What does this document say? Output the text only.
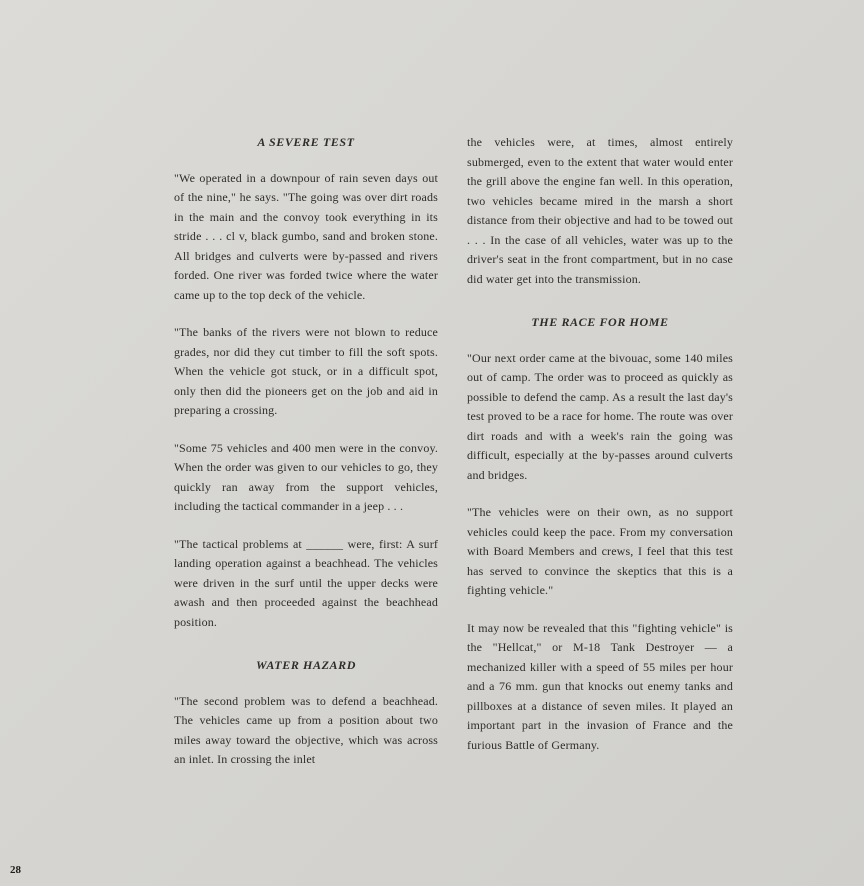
A SEVERE TEST

"We operated in a downpour of rain seven days out of the nine," he says. "The going was over dirt roads in the main and the convoy took everything in its stride . . . cl v, black gumbo, sand and broken stone. All bridges and culverts were by-passed and rivers forded. One river was forded twice where the water came up to the top deck of the vehicle.

"The banks of the rivers were not blown to reduce grades, nor did they cut timber to fill the soft spots. When the vehicle got stuck, or in a difficult spot, only then did the pioneers get on the job and aid in preparing a crossing.

"Some 75 vehicles and 400 men were in the convoy. When the order was given to our vehicles to go, they quickly ran away from the support vehicles, including the tactical commander in a jeep . . .

"The tactical problems at ______ were, first: A surf landing operation against a beachhead. The vehicles were driven in the surf until the upper decks were awash and then proceeded against the beachhead position.

WATER HAZARD

"The second problem was to defend a beachhead. The vehicles came up from a position about two miles away toward the objective, which was across an inlet. In crossing the inlet

the vehicles were, at times, almost entirely submerged, even to the extent that water would enter the grill above the engine fan well. In this operation, two vehicles became mired in the marsh a short distance from their objective and had to be towed out . . . In the case of all vehicles, water was up to the driver's seat in the front compartment, but in no case did water get into the transmission.

THE RACE FOR HOME

"Our next order came at the bivouac, some 140 miles out of camp. The order was to proceed as quickly as possible to defend the camp. As a result the last day's test proved to be a race for home. The route was over dirt roads and with a week's rain the going was difficult, especially at the by-passes around culverts and bridges.

"The vehicles were on their own, as no support vehicles could keep the pace. From my conversation with Board Members and crews, I feel that this test has served to convince the skeptics that this is a fighting vehicle."

It may now be revealed that this "fighting vehicle" is the "Hellcat," or M-18 Tank Destroyer — a mechanized killer with a speed of 55 miles per hour and a 76 mm. gun that knocks out enemy tanks and pillboxes at a distance of seven miles. It played an important part in the invasion of France and the furious Battle of Germany.

28
